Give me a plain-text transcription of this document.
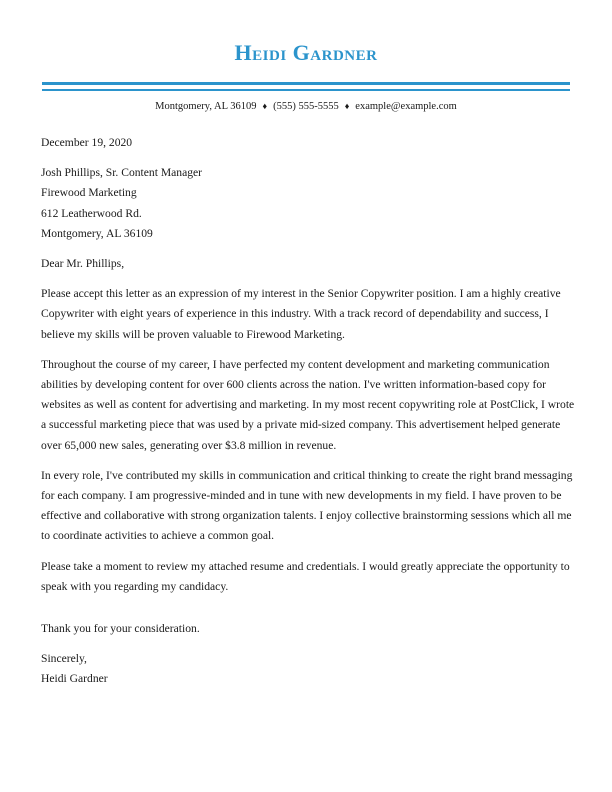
Heidi Gardner
Montgomery, AL 36109 ♦ (555) 555-5555 ♦ example@example.com

December 19, 2020

Josh Phillips, Sr. Content Manager

Firewood Marketing

612 Leatherwood Rd.

Montgomery, AL 36109

Dear Mr. Phillips,

Please accept this letter as an expression of my interest in the Senior Copywriter position. I am a highly creative Copywriter with eight years of experience in this industry. With a track record of dependability and success, I believe my skills will be proven valuable to Firewood Marketing.

Throughout the course of my career, I have perfected my content development and marketing communication abilities by developing content for over 600 clients across the nation. I've written information-based copy for websites as well as content for advertising and marketing. In my most recent copywriting role at PostClick, I wrote a successful marketing piece that was used by a private mid-sized company. This advertisement helped generate over 65,000 new sales, generating over $3.8 million in revenue.

In every role, I've contributed my skills in communication and critical thinking to create the right brand messaging for each company. I am progressive-minded and in tune with new developments in my field. I have proven to be effective and collaborative with strong organization talents. I enjoy collective brainstorming sessions which all me to coordinate activities to achieve a common goal.

Please take a moment to review my attached resume and credentials. I would greatly appreciate the opportunity to speak with you regarding my candidacy.

Thank you for your consideration.

Sincerely,

Heidi Gardner
